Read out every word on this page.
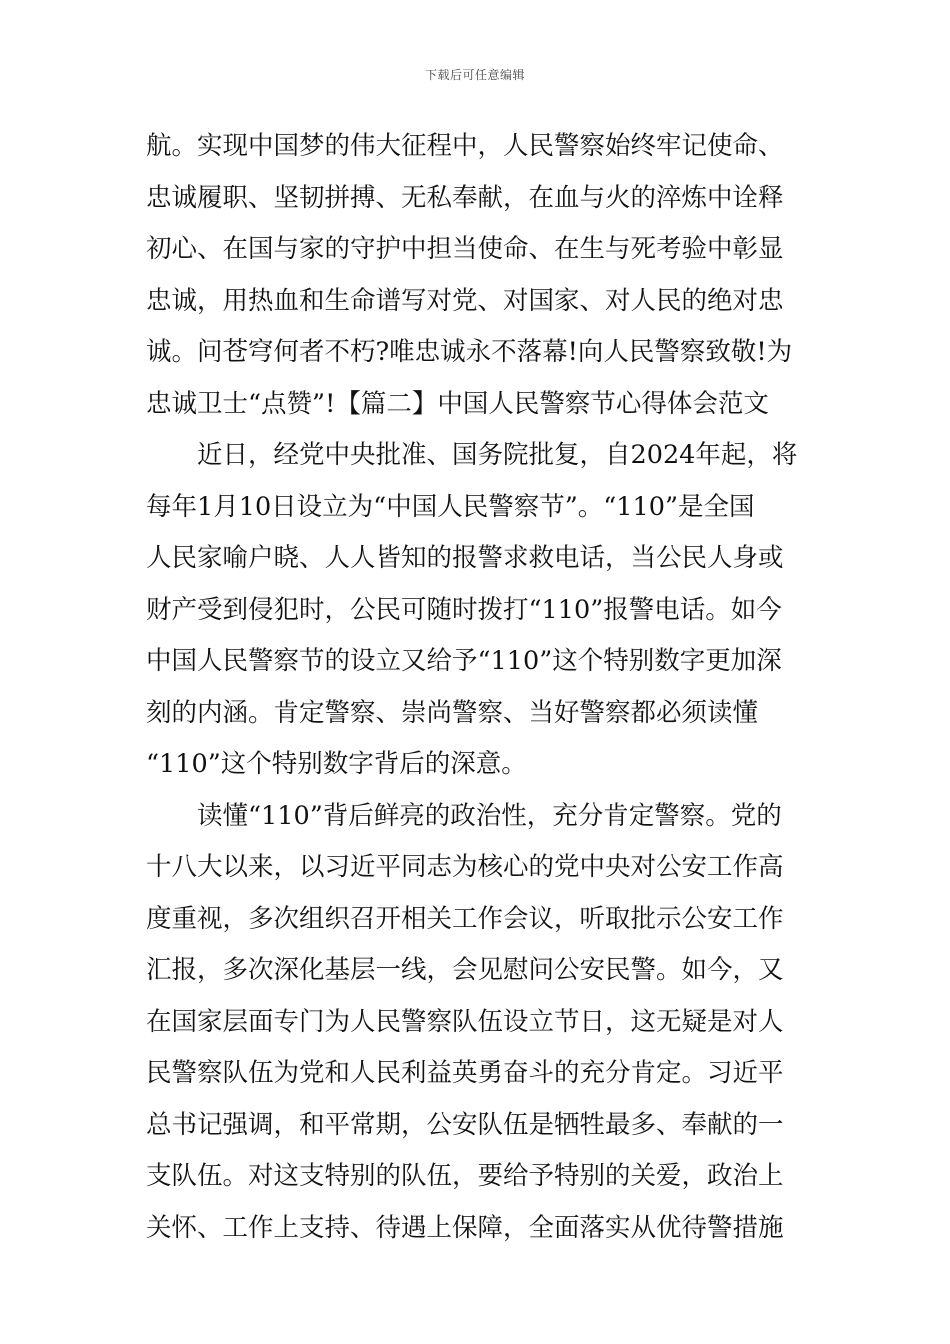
下载后可任意编辑
航。实现中国梦的伟大征程中，人民警察始终牢记使命、
忠诚履职、坚韧拼搏、无私奉献，在血与火的淬炼中诠释
初心、在国与家的守护中担当使命、在生与死考验中彰显
忠诚，用热血和生命谱写对党、对国家、对人民的绝对忠
诚。问苍穹何者不朽?唯忠诚永不落幕!向人民警察致敬!为
忠诚卫士“点赞”!【篇二】中国人民警察节心得体会范文
近日，经党中央批准、国务院批复，自2024年起，将
每年1月10日设立为“中国人民警察节”。“110”是全国
人民家喻户晓、人人皆知的报警求救电话，当公民人身或
财产受到侵犯时，公民可随时拨打“110”报警电话。如今
中国人民警察节的设立又给予“110”这个特别数字更加深
刻的内涵。肯定警察、崇尚警察、当好警察都必须读懂
“110”这个特别数字背后的深意。
读懂“110”背后鲜亮的政治性，充分肯定警察。党的
十八大以来，以习近平同志为核心的党中央对公安工作高
度重视，多次组织召开相关工作会议，听取批示公安工作
汇报，多次深化基层一线，会见慰问公安民警。如今，又
在国家层面专门为人民警察队伍设立节日，这无疑是对人
民警察队伍为党和人民利益英勇奋斗的充分肯定。习近平
总书记强调，和平常期，公安队伍是牺牲最多、奉献的一
支队伍。对这支特别的队伍，要给予特别的关爱，政治上
关怀、工作上支持、待遇上保障，全面落实从优待警措施
